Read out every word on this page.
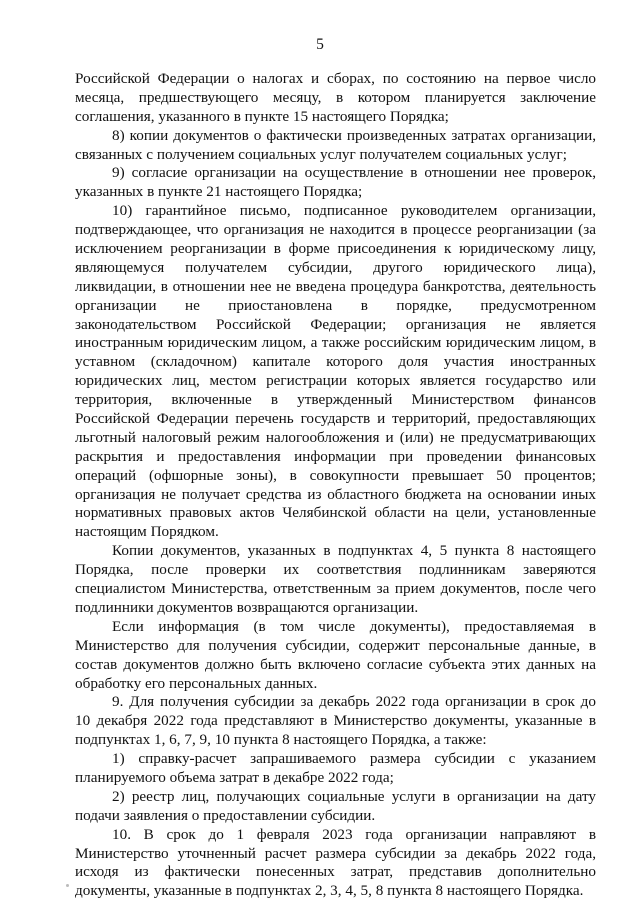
5
Российской Федерации о налогах и сборах, по состоянию на первое число
месяца, предшествующего месяцу, в котором планируется заключение
соглашения, указанного в пункте 15 настоящего Порядка;
8) копии документов о фактически произведенных затратах организации,
связанных с получением социальных услуг получателем социальных услуг;
9) согласие организации на осуществление в отношении нее проверок,
указанных в пункте 21 настоящего Порядка;
10) гарантийное письмо, подписанное руководителем организации,
подтверждающее, что организация не находится в процессе реорганизации (за
исключением реорганизации в форме присоединения к юридическому лицу,
являющемуся получателем субсидии, другого юридического лица),
ликвидации, в отношении нее не введена процедура банкротства, деятельность
организации не приостановлена в порядке, предусмотренном
законодательством Российской Федерации; организация не является
иностранным юридическим лицом, а также российским юридическим лицом, в
уставном (складочном) капитале которого доля участия иностранных
юридических лиц, местом регистрации которых является государство или
территория, включенные в утвержденный Министерством финансов
Российской Федерации перечень государств и территорий, предоставляющих
льготный налоговый режим налогообложения и (или) не предусматривающих
раскрытия и предоставления информации при проведении финансовых
операций (офшорные зоны), в совокупности превышает 50 процентов;
организация не получает средства из областного бюджета на основании иных
нормативных правовых актов Челябинской области на цели, установленные
настоящим Порядком.
Копии документов, указанных в подпунктах 4, 5 пункта 8 настоящего
Порядка, после проверки их соответствия подлинникам заверяются
специалистом Министерства, ответственным за прием документов, после чего
подлинники документов возвращаются организации.
Если информация (в том числе документы), предоставляемая в
Министерство для получения субсидии, содержит персональные данные, в
состав документов должно быть включено согласие субъекта этих данных на
обработку его персональных данных.
9. Для получения субсидии за декабрь 2022 года организации в срок до
10 декабря 2022 года представляют в Министерство документы, указанные в
подпунктах 1, 6, 7, 9, 10 пункта 8 настоящего Порядка, а также:
1) справку-расчет запрашиваемого размера субсидии с указанием
планируемого объема затрат в декабре 2022 года;
2) реестр лиц, получающих социальные услуги в организации на дату
подачи заявления о предоставлении субсидии.
10. В срок до 1 февраля 2023 года организации направляют в
Министерство уточненный расчет размера субсидии за декабрь 2022 года,
исходя из фактически понесенных затрат, представив дополнительно
документы, указанные в подпунктах 2, 3, 4, 5, 8 пункта 8 настоящего Порядка.
